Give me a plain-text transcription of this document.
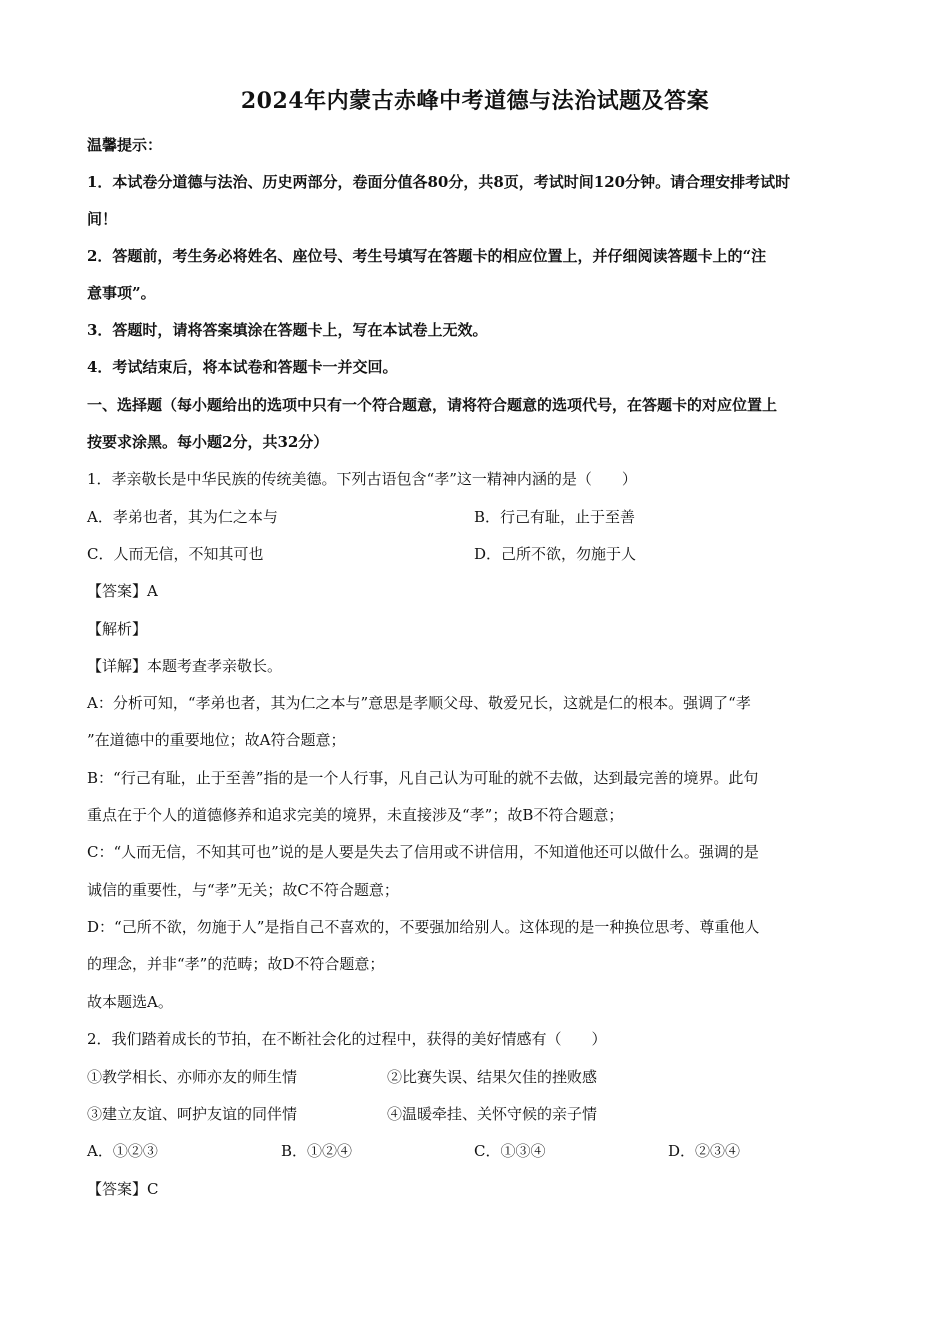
2024年内蒙古赤峰中考道德与法治试题及答案
温馨提示：
1．本试卷分道德与法治、历史两部分，卷面分值各80分，共8页，考试时间120分钟。请合理安排考试时
间！
2．答题前，考生务必将姓名、座位号、考生号填写在答题卡的相应位置上，并仔细阅读答题卡上的“注
意事项”。
3．答题时，请将答案填涂在答题卡上，写在本试卷上无效。
4．考试结束后，将本试卷和答题卡一并交回。
一、选择题（每小题给出的选项中只有一个符合题意，请将符合题意的选项代号，在答题卡的对应位置上
按要求涂黑。每小题2分，共32分）
1．孝亲敬长是中华民族的传统美德。下列古语包含“孝”这一精神内涵的是（　　）
A．孝弟也者，其为仁之本与	B．行己有耻，止于至善
C．人而无信，不知其可也	D．己所不欲，勿施于人
【答案】A
【解析】
【详解】本题考查孝亲敬长。
A：分析可知，“孝弟也者，其为仁之本与”意思是孝顺父母、敬爱兄长，这就是仁的根本。强调了“孝
”在道德中的重要地位；故A符合题意；
B：“行己有耻，止于至善”指的是一个人行事，凡自己认为可耻的就不去做，达到最完善的境界。此句
重点在于个人的道德修养和追求完美的境界，未直接涉及“孝”；故B不符合题意；
C：“人而无信，不知其可也”说的是人要是失去了信用或不讲信用，不知道他还可以做什么。强调的是
诚信的重要性，与“孝”无关；故C不符合题意；
D：“己所不欲，勿施于人”是指自己不喜欢的，不要强加给别人。这体现的是一种换位思考、尊重他人
的理念，并非“孝”的范畴；故D不符合题意；
故本题选A。
2．我们踏着成长的节拍，在不断社会化的过程中，获得的美好情感有（　　）
①教学相长、亦师亦友的师生情	②比赛失误、结果欠佳的挫败感
③建立友谊、呵护友谊的同伴情	④温暖牵挂、关怀守候的亲子情
A．①②③	B．①②④	C．①③④	D．②③④
【答案】C
